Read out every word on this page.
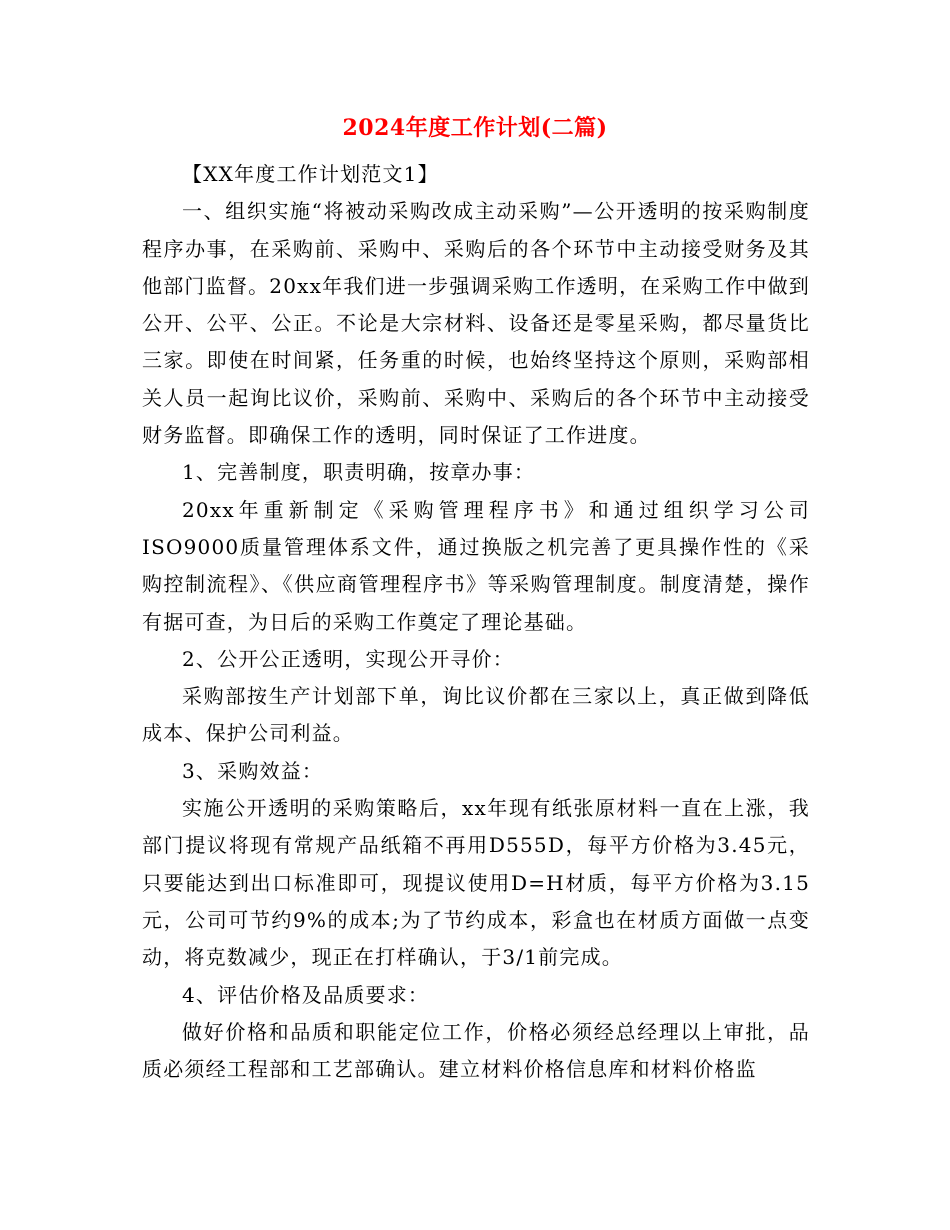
2024年度工作计划(二篇)

【XX年度工作计划范文1】

一、组织实施“将被动采购改成主动采购”—公开透明的按采购制度程序办事，在采购前、采购中、采购后的各个环节中主动接受财务及其他部门监督。20xx年我们进一步强调采购工作透明，在采购工作中做到公开、公平、公正。不论是大宗材料、设备还是零星采购，都尽量货比三家。即使在时间紧，任务重的时候，也始终坚持这个原则，采购部相关人员一起询比议价，采购前、采购中、采购后的各个环节中主动接受财务监督。即确保工作的透明，同时保证了工作进度。

1、完善制度，职责明确，按章办事：

20xx年重新制定《采购管理程序书》和通过组织学习公司ISO9000质量管理体系文件，通过换版之机完善了更具操作性的《采购控制流程》、《供应商管理程序书》等采购管理制度。制度清楚，操作有据可查，为日后的采购工作奠定了理论基础。

2、公开公正透明，实现公开寻价：

采购部按生产计划部下单，询比议价都在三家以上，真正做到降低成本、保护公司利益。

3、采购效益：

实施公开透明的采购策略后，xx年现有纸张原材料一直在上涨，我部门提议将现有常规产品纸箱不再用D555D，每平方价格为3.45元，只要能达到出口标准即可，现提议使用D=H材质，每平方价格为3.15元，公司可节约9%的成本;为了节约成本，彩盒也在材质方面做一点变动，将克数减少，现正在打样确认，于3/1前完成。

4、评估价格及品质要求：

做好价格和品质和职能定位工作，价格必须经总经理以上审批，品质必须经工程部和工艺部确认。建立材料价格信息库和材料价格监
